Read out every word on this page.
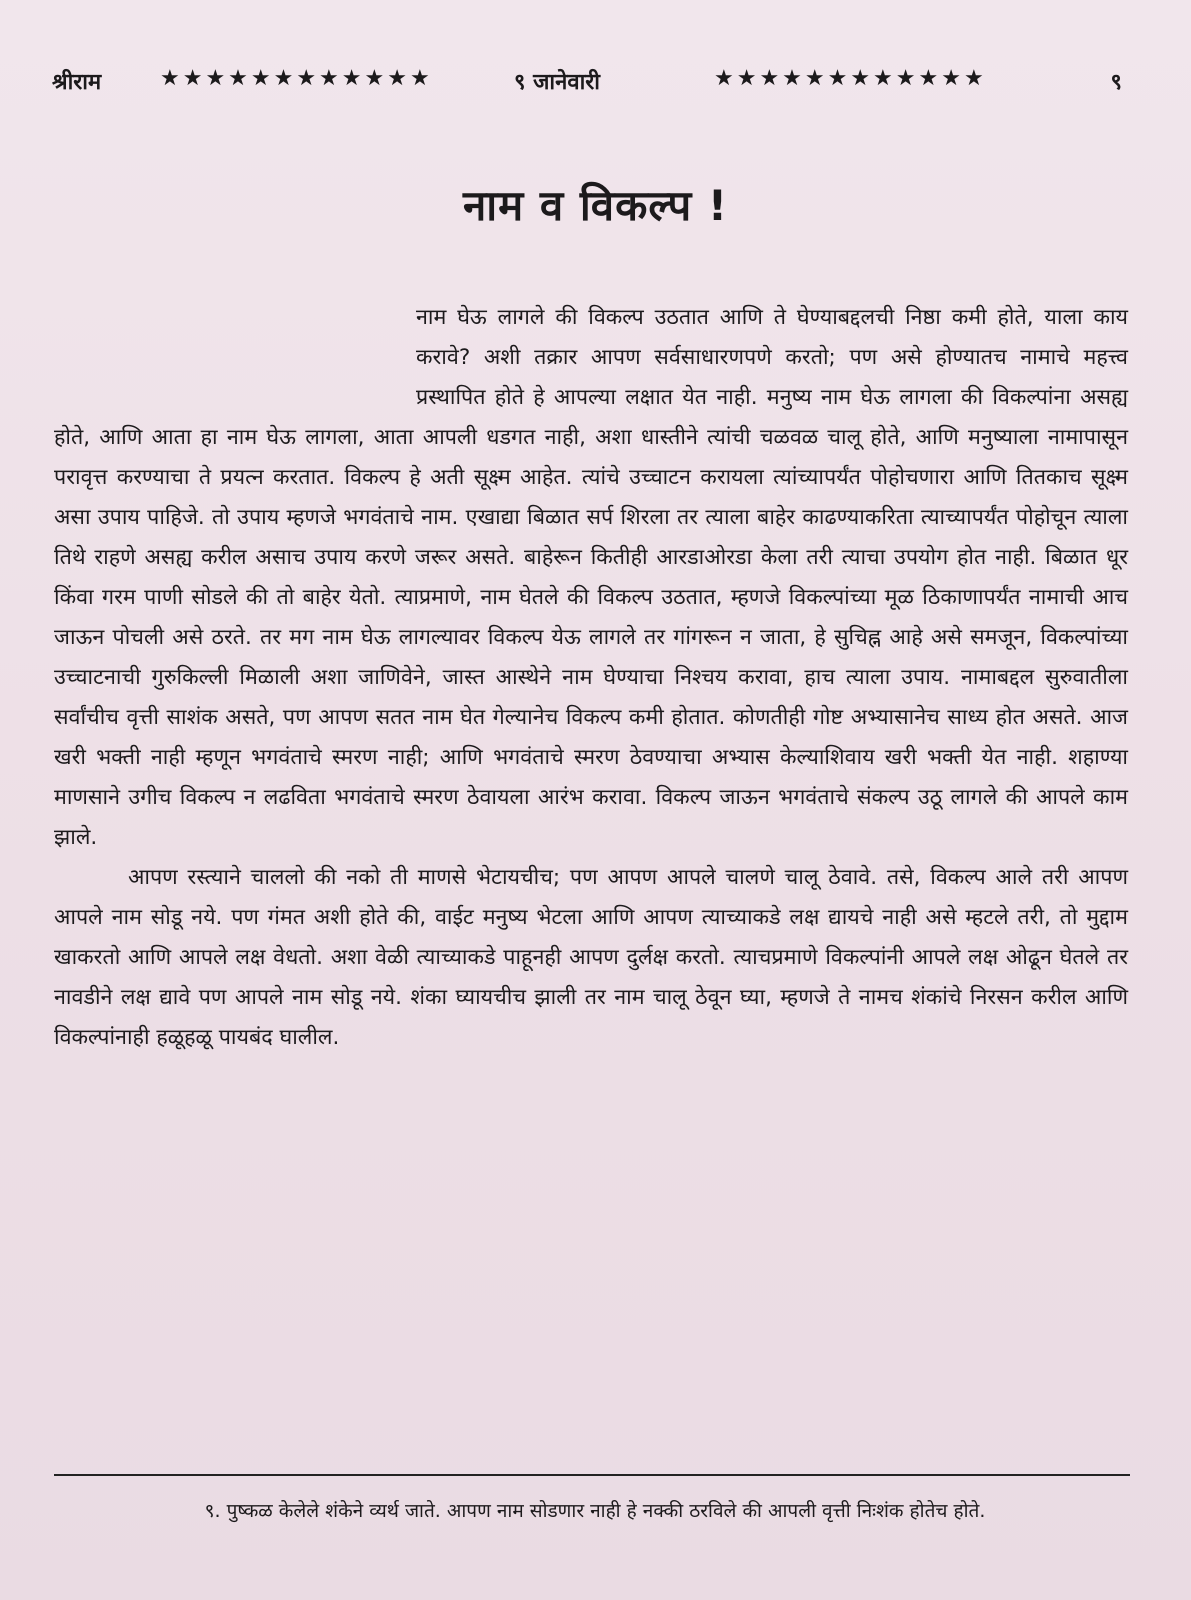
श्रीराम	★★★★★★★★★★★★	९ जानेवारी	★★★★★★★★★★★★	९
नाम व विकल्प !

नाम घेऊ लागले की विकल्प उठतात आणि ते घेण्याबद्दलची निष्ठा कमी होते, याला काय करावे? अशी तक्रार आपण सर्वसाधारणपणे करतो; पण असे होण्यातच नामाचे महत्त्व प्रस्थापित होते हे आपल्या लक्षात येत नाही. मनुष्य नाम घेऊ लागला की विकल्पांना असह्य होते, आणि आता हा नाम घेऊ लागला, आता आपली धडगत नाही, अशा धास्तीने त्यांची चळवळ चालू होते, आणि मनुष्याला नामापासून परावृत्त करण्याचा ते प्रयत्न करतात. विकल्प हे अती सूक्ष्म आहेत. त्यांचे उच्चाटन करायला त्यांच्यापर्यंत पोहोचणारा आणि तितकाच सूक्ष्म असा उपाय पाहिजे. तो उपाय म्हणजे भगवंताचे नाम. एखाद्या बिळात सर्प शिरला तर त्याला बाहेर काढण्याकरिता त्याच्यापर्यंत पोहोचून त्याला तिथे राहणे असह्य करील असाच उपाय करणे जरूर असते. बाहेरून कितीही आरडाओरडा केला तरी त्याचा उपयोग होत नाही. बिळात धूर किंवा गरम पाणी सोडले की तो बाहेर येतो. त्याप्रमाणे, नाम घेतले की विकल्प उठतात, म्हणजे विकल्पांच्या मूळ ठिकाणापर्यंत नामाची आच जाऊन पोचली असे ठरते. तर मग नाम घेऊ लागल्यावर विकल्प येऊ लागले तर गांगरून न जाता, हे सुचिह्न आहे असे समजून, विकल्पांच्या उच्चाटनाची गुरुकिल्ली मिळाली अशा जाणिवेने, जास्त आस्थेने नाम घेण्याचा निश्चय करावा, हाच त्याला उपाय. नामाबद्दल सुरुवातीला सर्वांचीच वृत्ती साशंक असते, पण आपण सतत नाम घेत गेल्यानेच विकल्प कमी होतात. कोणतीही गोष्ट अभ्यासानेच साध्य होत असते. आज खरी भक्ती नाही म्हणून भगवंताचे स्मरण नाही; आणि भगवंताचे स्मरण ठेवण्याचा अभ्यास केल्याशिवाय खरी भक्ती येत नाही. शहाण्या माणसाने उगीच विकल्प न लढविता भगवंताचे स्मरण ठेवायला आरंभ करावा. विकल्प जाऊन भगवंताचे संकल्प उठू लागले की आपले काम झाले.

आपण रस्त्याने चाललो की नको ती माणसे भेटायचीच; पण आपण आपले चालणे चालू ठेवावे. तसे, विकल्प आले तरी आपण आपले नाम सोडू नये. पण गंमत अशी होते की, वाईट मनुष्य भेटला आणि आपण त्याच्याकडे लक्ष द्यायचे नाही असे म्हटले तरी, तो मुद्दाम खाकरतो आणि आपले लक्ष वेधतो. अशा वेळी त्याच्याकडे पाहूनही आपण दुर्लक्ष करतो. त्याचप्रमाणे विकल्पांनी आपले लक्ष ओढून घेतले तर नावडीने लक्ष द्यावे पण आपले नाम सोडू नये. शंका घ्यायचीच झाली तर नाम चालू ठेवून घ्या, म्हणजे ते नामच शंकांचे निरसन करील आणि विकल्पांनाही हळूहळू पायबंद घालील.

९. पुष्कळ केलेले शंकेने व्यर्थ जाते. आपण नाम सोडणार नाही हे नक्की ठरविले की आपली वृत्ती निःशंक होतेच होते.
